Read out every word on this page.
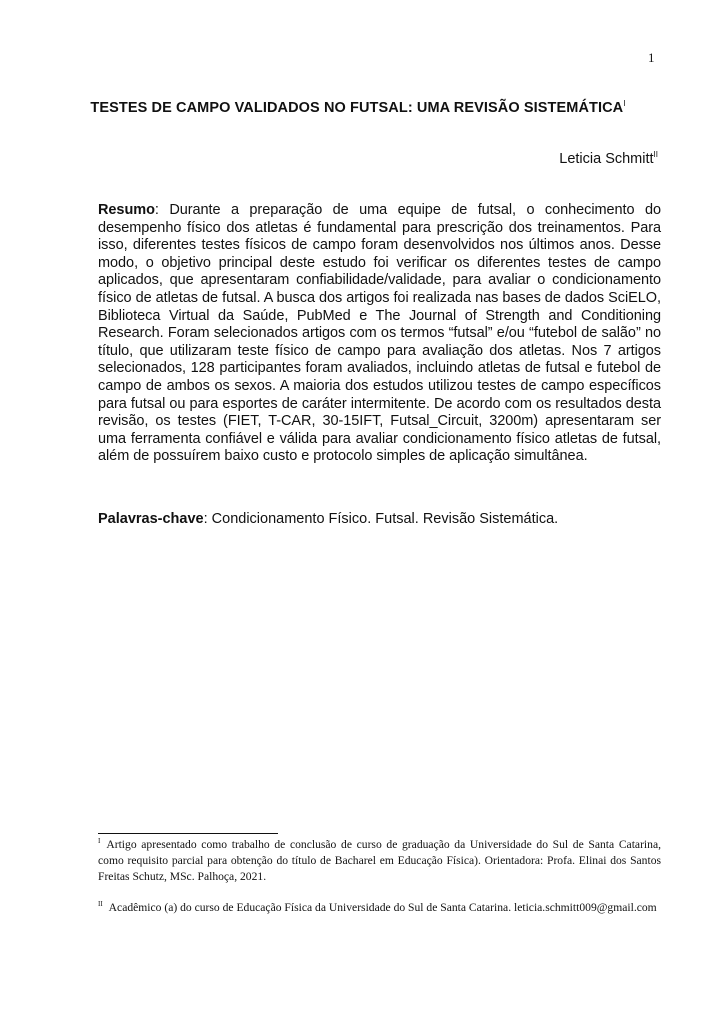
1

TESTES DE CAMPO VALIDADOS NO FUTSAL: UMA REVISÃO $SISTEMÁTICA^I$

Leticia Schmitt$^{II}$

Resumo: Durante a preparação de uma equipe de futsal, o conhecimento do desempenho físico dos atletas é fundamental para prescrição dos treinamentos. Para isso, diferentes testes físicos de campo foram desenvolvidos nos últimos anos. Desse modo, o objetivo principal deste estudo foi verificar os diferentes testes de campo aplicados, que apresentaram confiabilidade/validade, para avaliar o condicionamento físico de atletas de futsal. A busca dos artigos foi realizada nas bases de dados SciELO, Biblioteca Virtual da Saúde, PubMed e The Journal of Strength and Conditioning Research. Foram selecionados artigos com os termos “futsal” e/ou “futebol de salão” no título, que utilizaram teste físico de campo para avaliação dos atletas. Nos 7 artigos selecionados, 128 participantes foram avaliados, incluindo atletas de futsal e futebol de campo de ambos os sexos. A maioria dos estudos utilizou testes de campo específicos para futsal ou para esportes de caráter intermitente. De acordo com os resultados desta revisão, os testes (FIET, T-CAR, 30-15IFT, Futsal_Circuit, 3200m) apresentaram ser uma ferramenta confiável e válida para avaliar condicionamento físico atletas de futsal, além de possuírem baixo custo e protocolo simples de aplicação simultânea.

Palavras-chave: Condicionamento Físico. Futsal. Revisão Sistemática.

$^I$ Artigo apresentado como trabalho de conclusão de curso de graduação da Universidade do Sul de Santa Catarina, como requisito parcial para obtenção do título de Bacharel em Educação Física). Orientadora: Profa. Elinai dos Santos Freitas Schutz, MSc. Palhoça, 2021.

$^{II}$ Acadêmico (a) do curso de Educação Física da Universidade do Sul de Santa Catarina. leticia.schmitt009@gmail.com
